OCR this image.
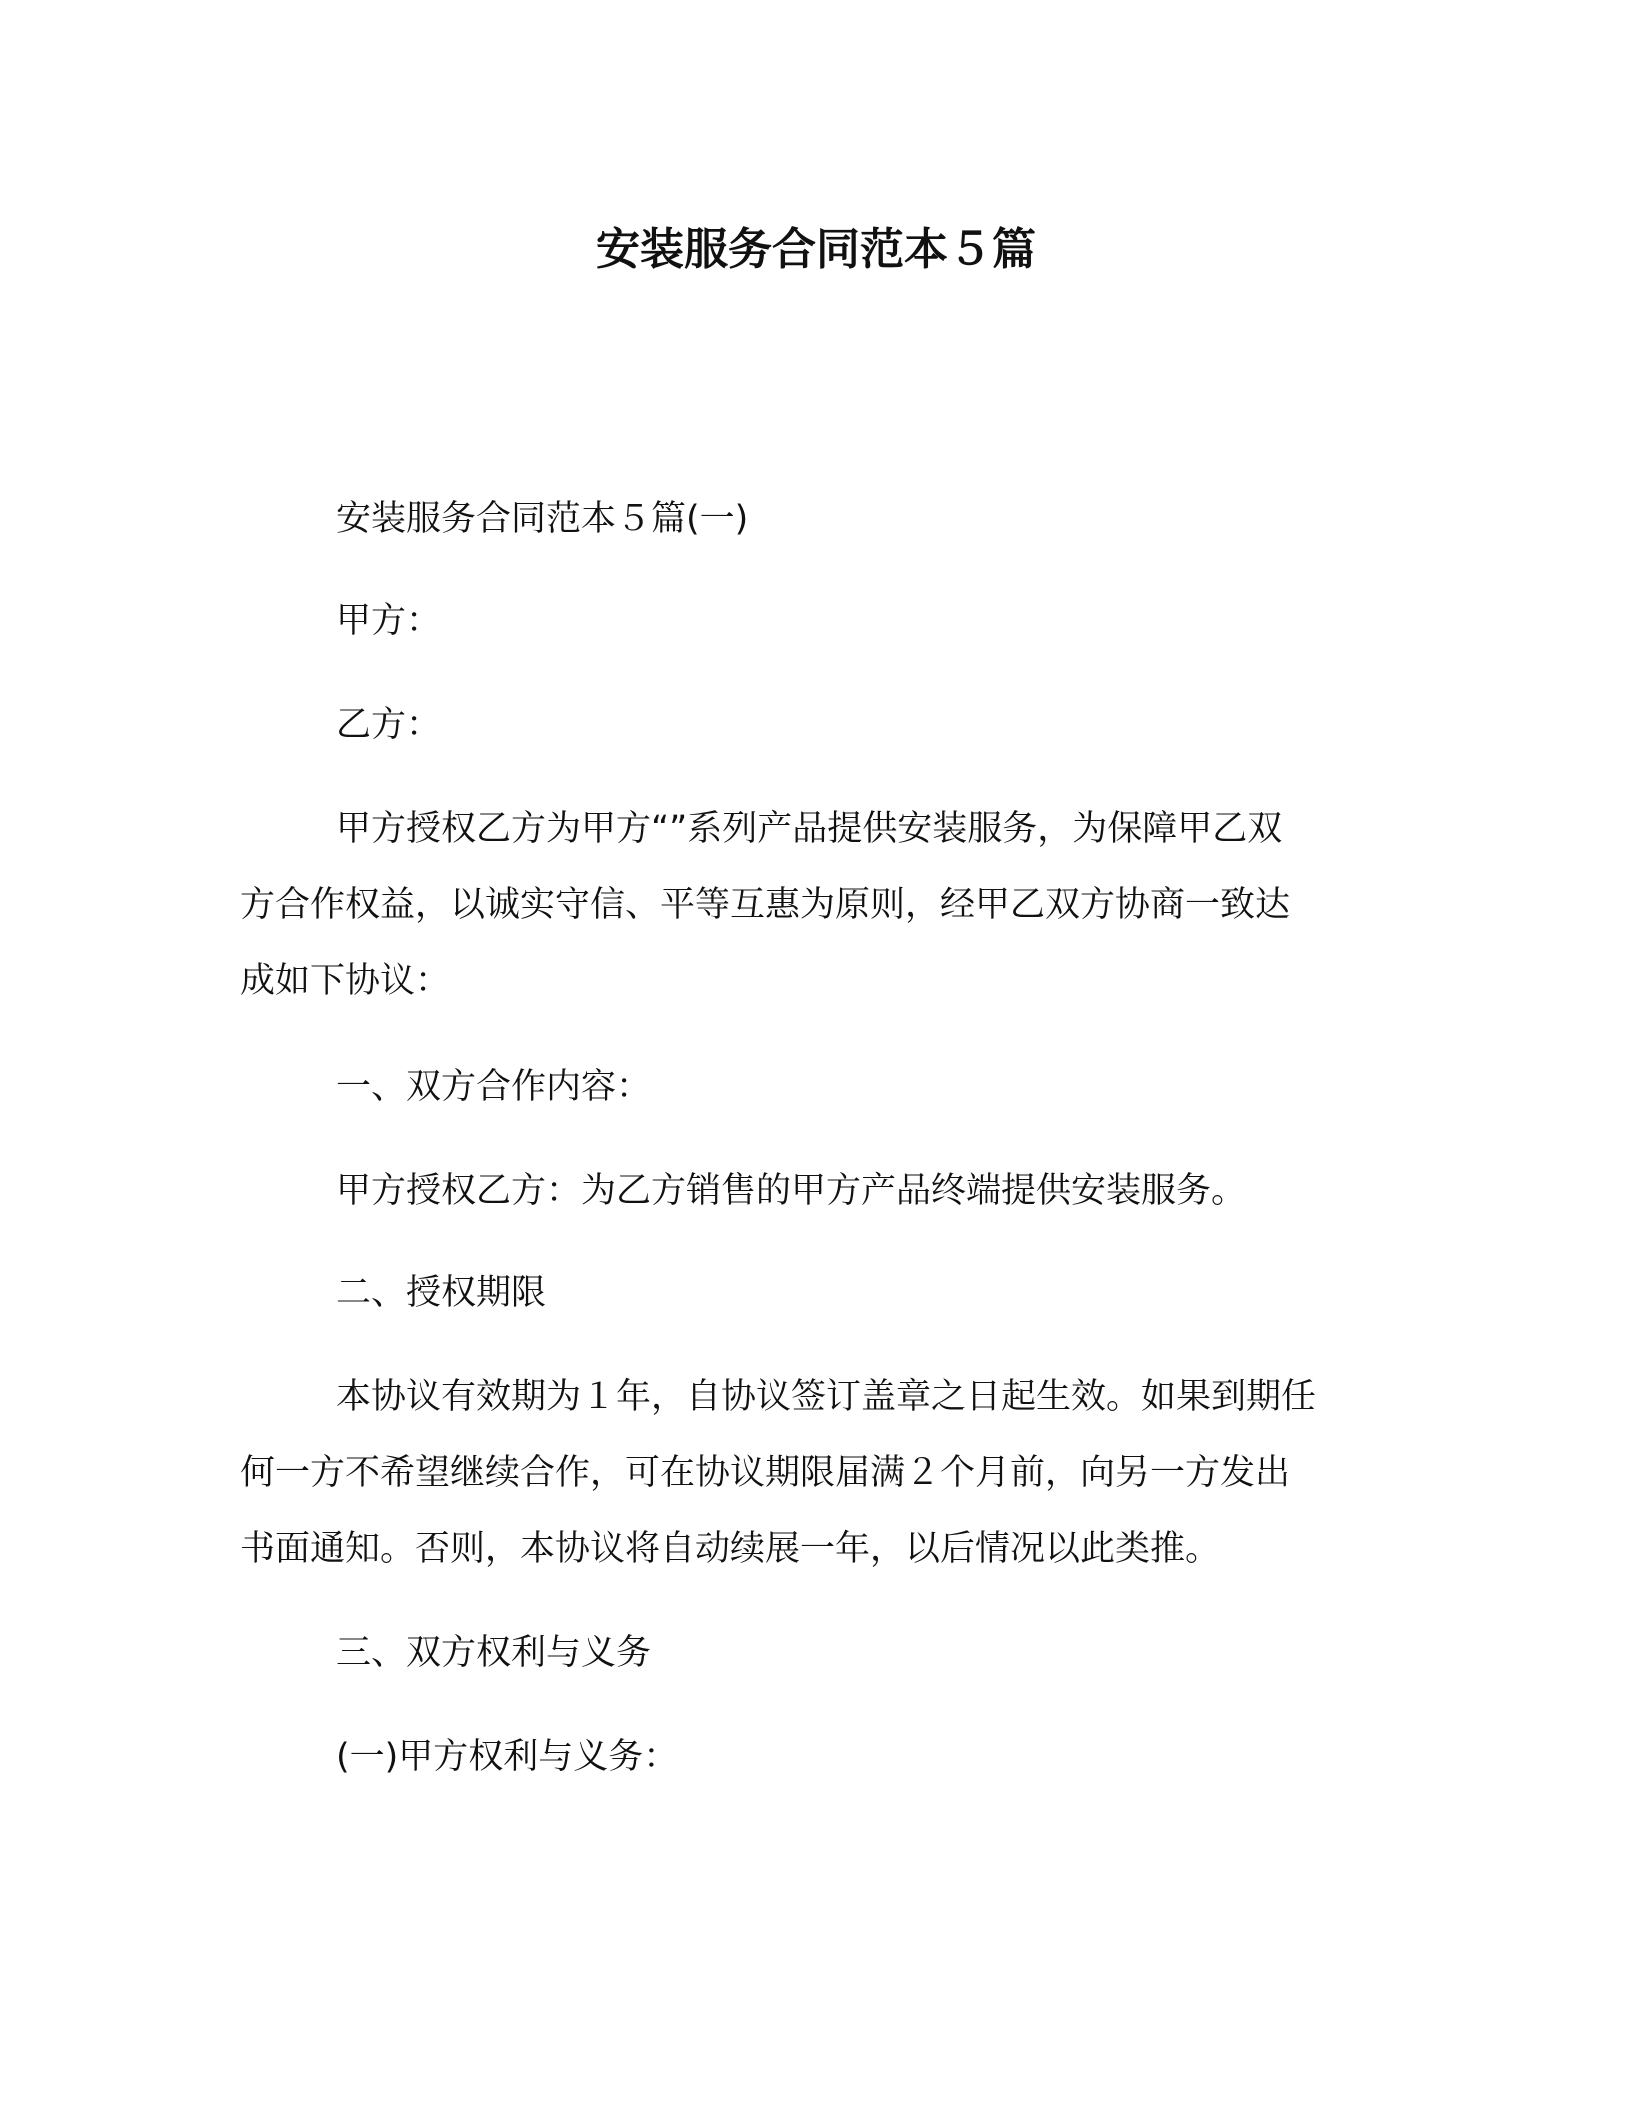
安装服务合同范本５篇

安装服务合同范本５篇(一)

甲方：

乙方：

甲方授权乙方为甲方“”系列产品提供安装服务，为保障甲乙双

方合作权益，以诚实守信、平等互惠为原则，经甲乙双方协商一致达

成如下协议：

一、双方合作内容：

甲方授权乙方：为乙方销售的甲方产品终端提供安装服务。

二、授权期限

本协议有效期为１年，自协议签订盖章之日起生效。如果到期任

何一方不希望继续合作，可在协议期限届满２个月前，向另一方发出

书面通知。否则，本协议将自动续展一年，以后情况以此类推。

三、双方权利与义务

(一)甲方权利与义务：
